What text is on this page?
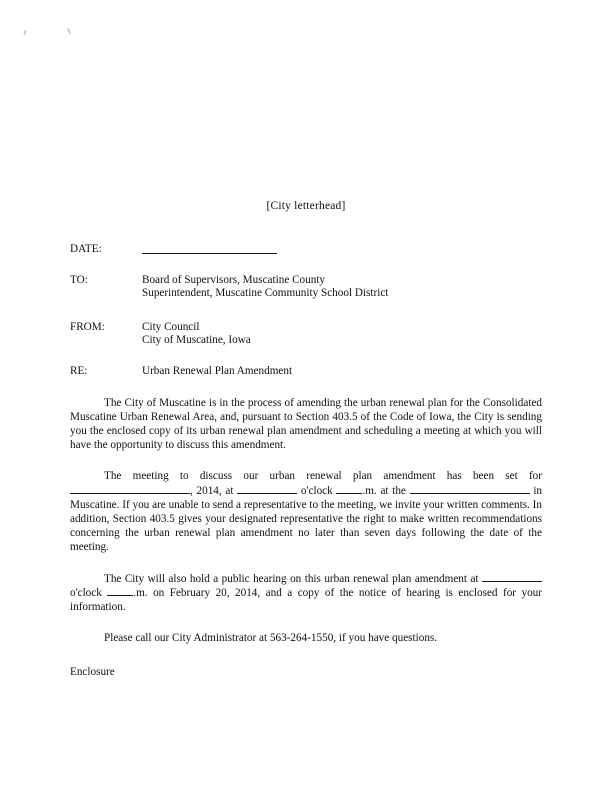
[City letterhead]
DATE:
TO:	Board of Supervisors, Muscatine County
Superintendent, Muscatine Community School District
FROM:	City Council
City of Muscatine, Iowa
RE:	Urban Renewal Plan Amendment

The City of Muscatine is in the process of amending the urban renewal plan for the Consolidated Muscatine Urban Renewal Area, and, pursuant to Section 403.5 of the Code of Iowa, the City is sending you the enclosed copy of its urban renewal plan amendment and scheduling a meeting at which you will have the opportunity to discuss this amendment.

The meeting to discuss our urban renewal plan amendment has been set for , 2014, at	o'clock .m. at the	in Muscatine. If you are unable to send a representative to the meeting, we invite your written comments. In addition, Section 403.5 gives your designated representative the right to make written recommendations concerning the urban renewal plan amendment no later than seven days following the date of the meeting.

The City will also hold a public hearing on this urban renewal plan amendment at  o'clock .m. on February 20, 2014, and a copy of the notice of hearing is enclosed for your information.

Please call our City Administrator at 563-264-1550, if you have questions.

Enclosure
